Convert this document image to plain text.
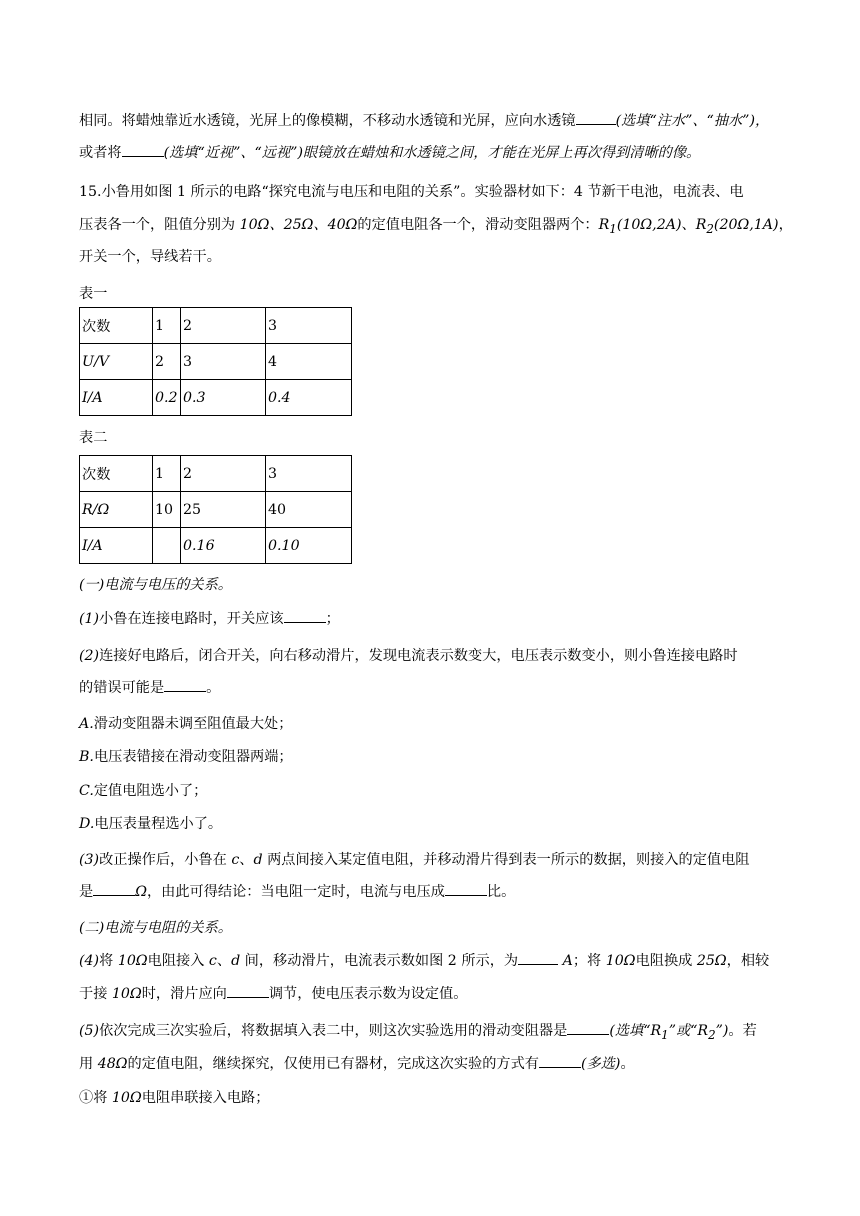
相同。将蜡烛靠近水透镜，光屏上的像模糊，不移动水透镜和光屏，应向水透镜	(选填“注水”、“抽水”)，
或者将	(选填“近视”、“远视”)眼镜放在蜡烛和水透镜之间，才能在光屏上再次得到清晰的像。
15.小鲁用如图 1 所示的电路“探究电流与电压和电阻的关系”。实验器材如下：4 节新干电池，电流表、电
压表各一个，阻值分别为 10Ω、25Ω、40Ω的定值电阻各一个，滑动变阻器两个：$R_1(10\Omega,2A)$、$R_2(20\Omega,1A)$，
开关一个，导线若干。
表一
次数	1	2	3
U/V	2	3	4
I/A	0.2	0.3	0.4
表二
次数	1	2	3
R/Ω	10	25	40
I/A		0.16	0.10
(一)电流与电压的关系。
(1)小鲁在连接电路时，开关应该	；
(2)连接好电路后，闭合开关，向右移动滑片，发现电流表示数变大，电压表示数变小，则小鲁连接电路时
的错误可能是	。
A.滑动变阻器未调至阻值最大处；
B.电压表错接在滑动变阻器两端；
C.定值电阻选小了；
D.电压表量程选小了。
(3)改正操作后，小鲁在 c、d 两点间接入某定值电阻，并移动滑片得到表一所示的数据，则接入的定值电阻
是	Ω，由此可得结论：当电阻一定时，电流与电压成	比。
(二)电流与电阻的关系。
(4)将 10Ω电阻接入 c、d 间，移动滑片，电流表示数如图 2 所示，为	A；将 10Ω电阻换成 25Ω，相较
于接 10Ω时，滑片应向	调节，使电压表示数为设定值。
(5)依次完成三次实验后，将数据填入表二中，则这次实验选用的滑动变阻器是	(选填“$R_1$”或“$R_2$”)。若
用 48Ω的定值电阻，继续探究，仅使用已有器材，完成这次实验的方式有	(多选)。
①将 10Ω电阻串联接入电路；
